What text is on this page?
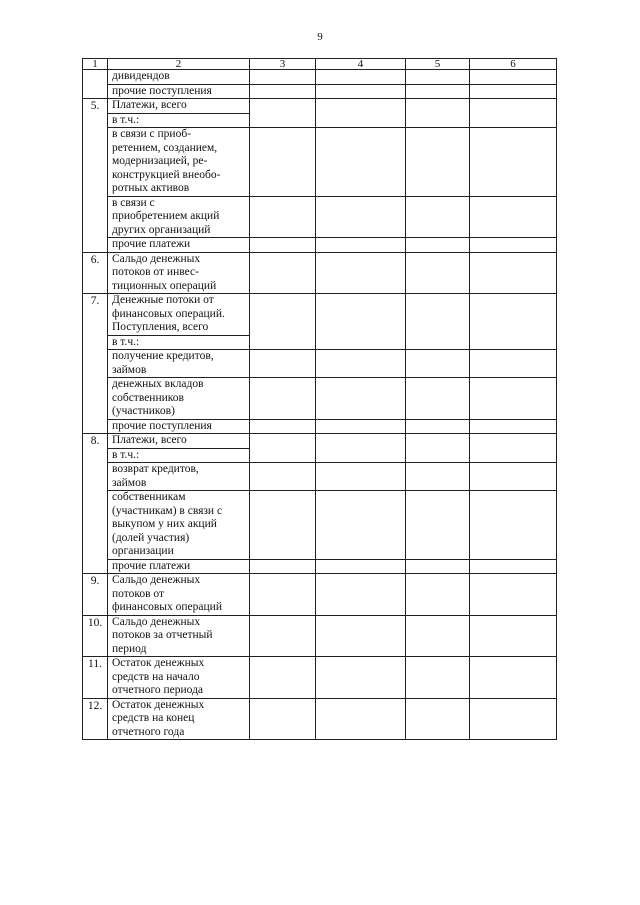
9
1	2	3	4	5	6

	дивидендов				

	прочие поступления				

5.	Платежи, всего				

	в т.ч.:				

	в связи с приоб-
ретением, созданием,
модернизацией, ре-
конструкцией внеобо-
ротных активов				

	в связи с
приобретением акций
других организаций				

	прочие платежи				

6.	Сальдо денежных
потоков от инвес-
тиционных операций				

7.	Денежные потоки от
финансовых операций.
Поступления, всего				

	в т.ч.:				

	получение кредитов,
займов				

	денежных вкладов
собственников
(участников)				

	прочие поступления				

8.	Платежи, всего				

	в т.ч.:				

	возврат кредитов,
займов				

	собственникам
(участникам) в связи с
выкупом у них акций
(долей участия)
организации				

	прочие платежи				

9.	Сальдо денежных
потоков от
финансовых операций				

10.	Сальдо денежных
потоков за отчетный
период				

11.	Остаток денежных
средств на начало
отчетного периода				

12.	Остаток денежных
средств на конец
отчетного года				
